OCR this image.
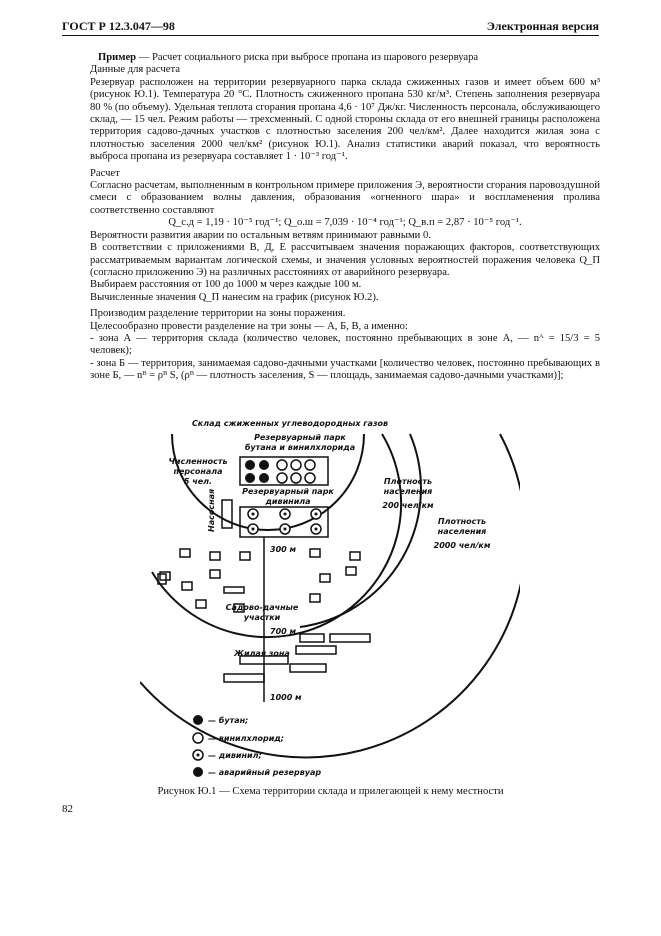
ГОСТ Р 12.3.047—98	Электронная версия

Пример — Расчет социального риска при выбросе пропана из шарового резервуара

Данные для расчета

Резервуар расположен на территории резервуарного парка склада сжиженных газов и имеет объем 600 м³ (рисунок Ю.1). Температура 20 °С. Плотность сжиженного пропана 530 кг/м³. Степень заполнения резервуара 80 % (по объему). Удельная теплота сгорания пропана 4,6 · 10⁷ Дж/кг. Численность персонала, обслуживающего склад, — 15 чел. Режим работы — трехсменный. С одной стороны склада от его внешней границы расположена территория садово-дачных участков с плотностью заселения 200 чел/км². Далее находится жилая зона с плотностью заселения 2000 чел/км² (рисунок Ю.1). Анализ статистики аварий показал, что вероятность выброса пропана из резервуара составляет 1 · 10⁻³ год⁻¹.

Расчет

Согласно расчетам, выполненным в контрольном примере приложения Э, вероятности сгорания паровоздушной смеси с образованием волны давления, образования «огненного шара» и воспламенения пролива соответственно составляют

Q_с.д = 1,19 · 10⁻⁵ год⁻¹; Q_о.ш = 7,039 · 10⁻⁴ год⁻¹; Q_в.п = 2,87 · 10⁻⁵ год⁻¹.

Вероятности развития аварии по остальным ветвям принимают равными 0.

В соответствии с приложениями В, Д, Е рассчитываем значения поражающих факторов, соответствующих рассматриваемым вариантам логической схемы, и значения условных вероятностей поражения человека Q_П (согласно приложению Э) на различных расстояниях от аварийного резервуара.

Выбираем расстояния от 100 до 1000 м через каждые 100 м.

Вычисленные значения Q_П нанесим на график (рисунок Ю.2).

Производим разделение территории на зоны поражения.

Целесообразно провести разделение на три зоны — А, Б, В, а именно:

- зона А — территория склада (количество человек, постоянно пребывающих в зоне А, — nᴬ = 15/3 = 5 человек);

- зона Б — территория, занимаемая садово-дачными участками [количество человек, постоянно пребывающих в зоне Б, — nᴮ = ρᴮ S, (ρᴮ — плотность заселения, S — площадь, занимаемая садово-дачными участками)];

Склад сжиженных углеводородных газов
Резервуарный парк
бутана и винилхлорида
Численность
персонала
5 чел.
Резервуарный парк
дивинила
Насосная
Плотность
населения
200 чел/км
Плотность
населения
2000 чел/км
300 м
Садово-дачные
участки
700 м
Жилая зона
1000 м
— бутан;
— винилхлорид;
— дивинил;
— аварийный резервуар
Рисунок Ю.1 — Схема территории склада и прилегающей к нему местности
82
